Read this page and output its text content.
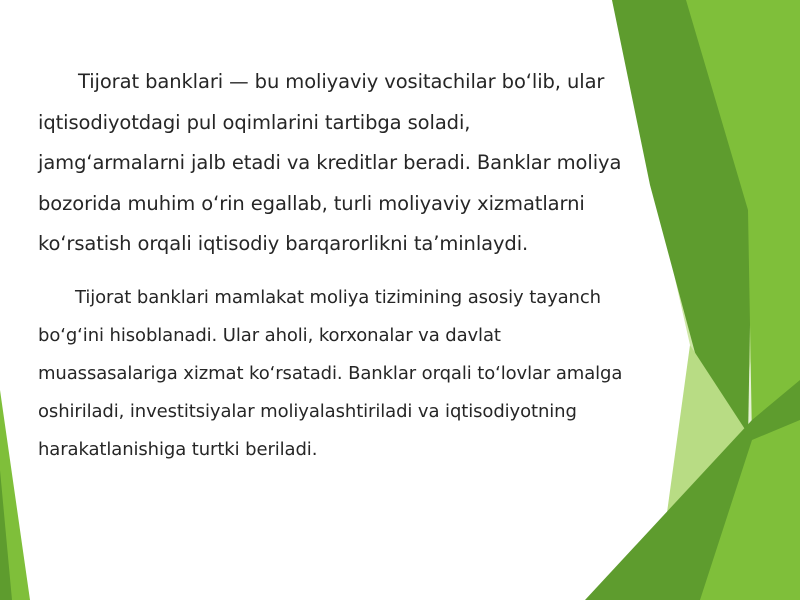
Tijorat banklari — bu moliyaviy vositachilar bo‘lib, ular iqtisodiyotdagi pul oqimlarini tartibga soladi, jamg‘armalarni jalb etadi va kreditlar beradi. Banklar moliya bozorida muhim o‘rin egallab, turli moliyaviy xizmatlarni ko‘rsatish orqali iqtisodiy barqarorlikni ta’minlaydi.

Tijorat banklari mamlakat moliya tizimining asosiy tayanch bo‘g‘ini hisoblanadi. Ular aholi, korxonalar va davlat muassasalariga xizmat ko‘rsatadi. Banklar orqali to‘lovlar amalga oshiriladi, investitsiyalar moliyalashtiriladi va iqtisodiyotning harakatlanishiga turtki beriladi.
